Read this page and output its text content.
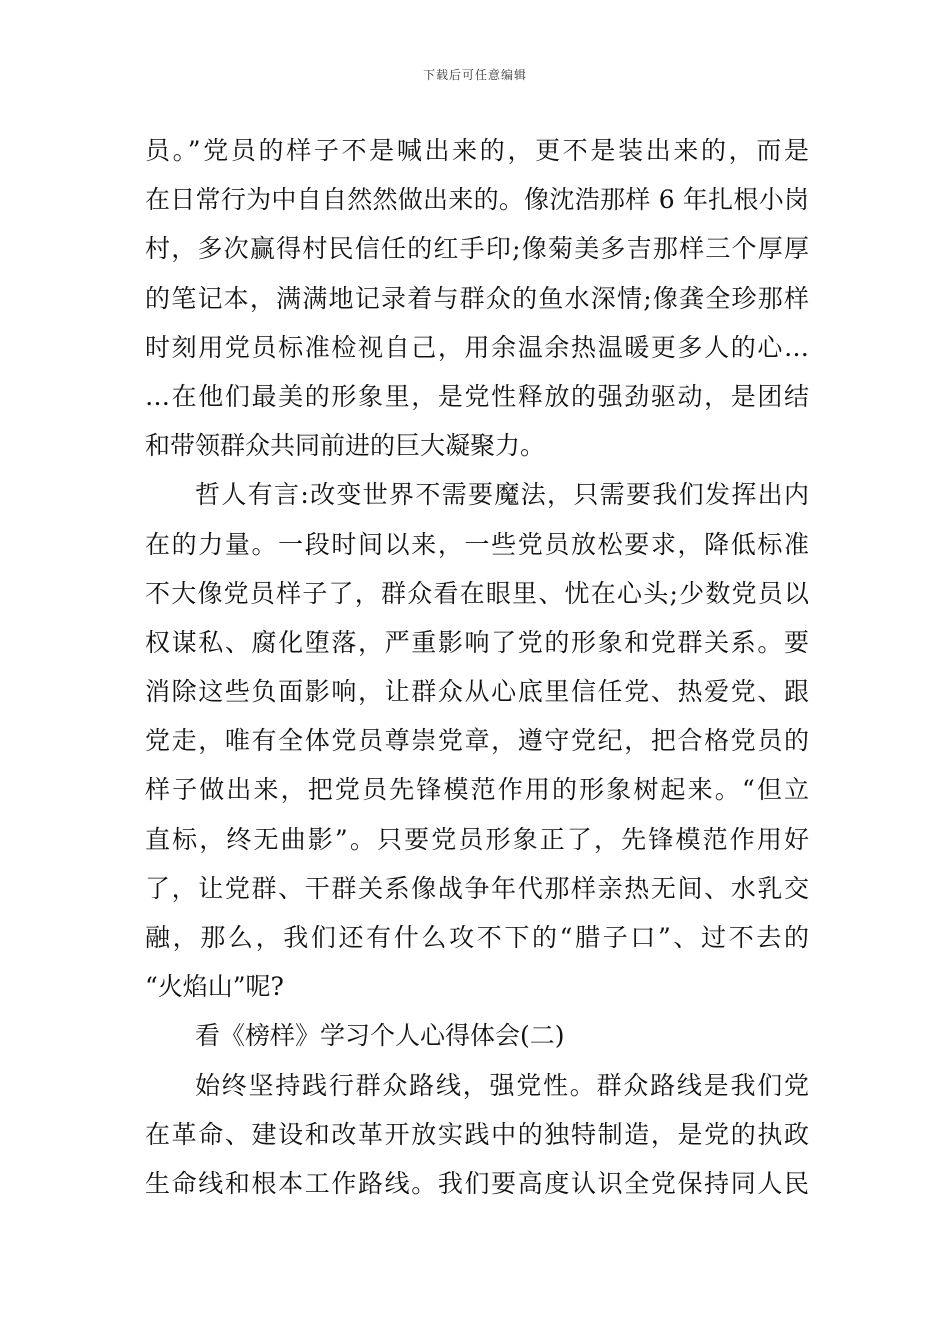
下载后可任意编辑
员。”党员的样子不是喊出来的，更不是装出来的，而是
在日常行为中自自然然做出来的。像沈浩那样 6 年扎根小岗
村，多次赢得村民信任的红手印;像菊美多吉那样三个厚厚
的笔记本，满满地记录着与群众的鱼水深情;像龚全珍那样
时刻用党员标准检视自己，用余温余热温暖更多人的心…
…在他们最美的形象里，是党性释放的强劲驱动，是团结
和带领群众共同前进的巨大凝聚力。
哲人有言:改变世界不需要魔法，只需要我们发挥出内
在的力量。一段时间以来，一些党员放松要求，降低标准
不大像党员样子了，群众看在眼里、忧在心头;少数党员以
权谋私、腐化堕落，严重影响了党的形象和党群关系。要
消除这些负面影响，让群众从心底里信任党、热爱党、跟
党走，唯有全体党员尊崇党章，遵守党纪，把合格党员的
样子做出来，把党员先锋模范作用的形象树起来。“但立
直标，终无曲影”。只要党员形象正了，先锋模范作用好
了，让党群、干群关系像战争年代那样亲热无间、水乳交
融，那么，我们还有什么攻不下的“腊子口”、过不去的
“火焰山”呢?
看《榜样》学习个人心得体会(二)
始终坚持践行群众路线，强党性。群众路线是我们党
在革命、建设和改革开放实践中的独特制造，是党的执政
生命线和根本工作路线。我们要高度认识全党保持同人民
